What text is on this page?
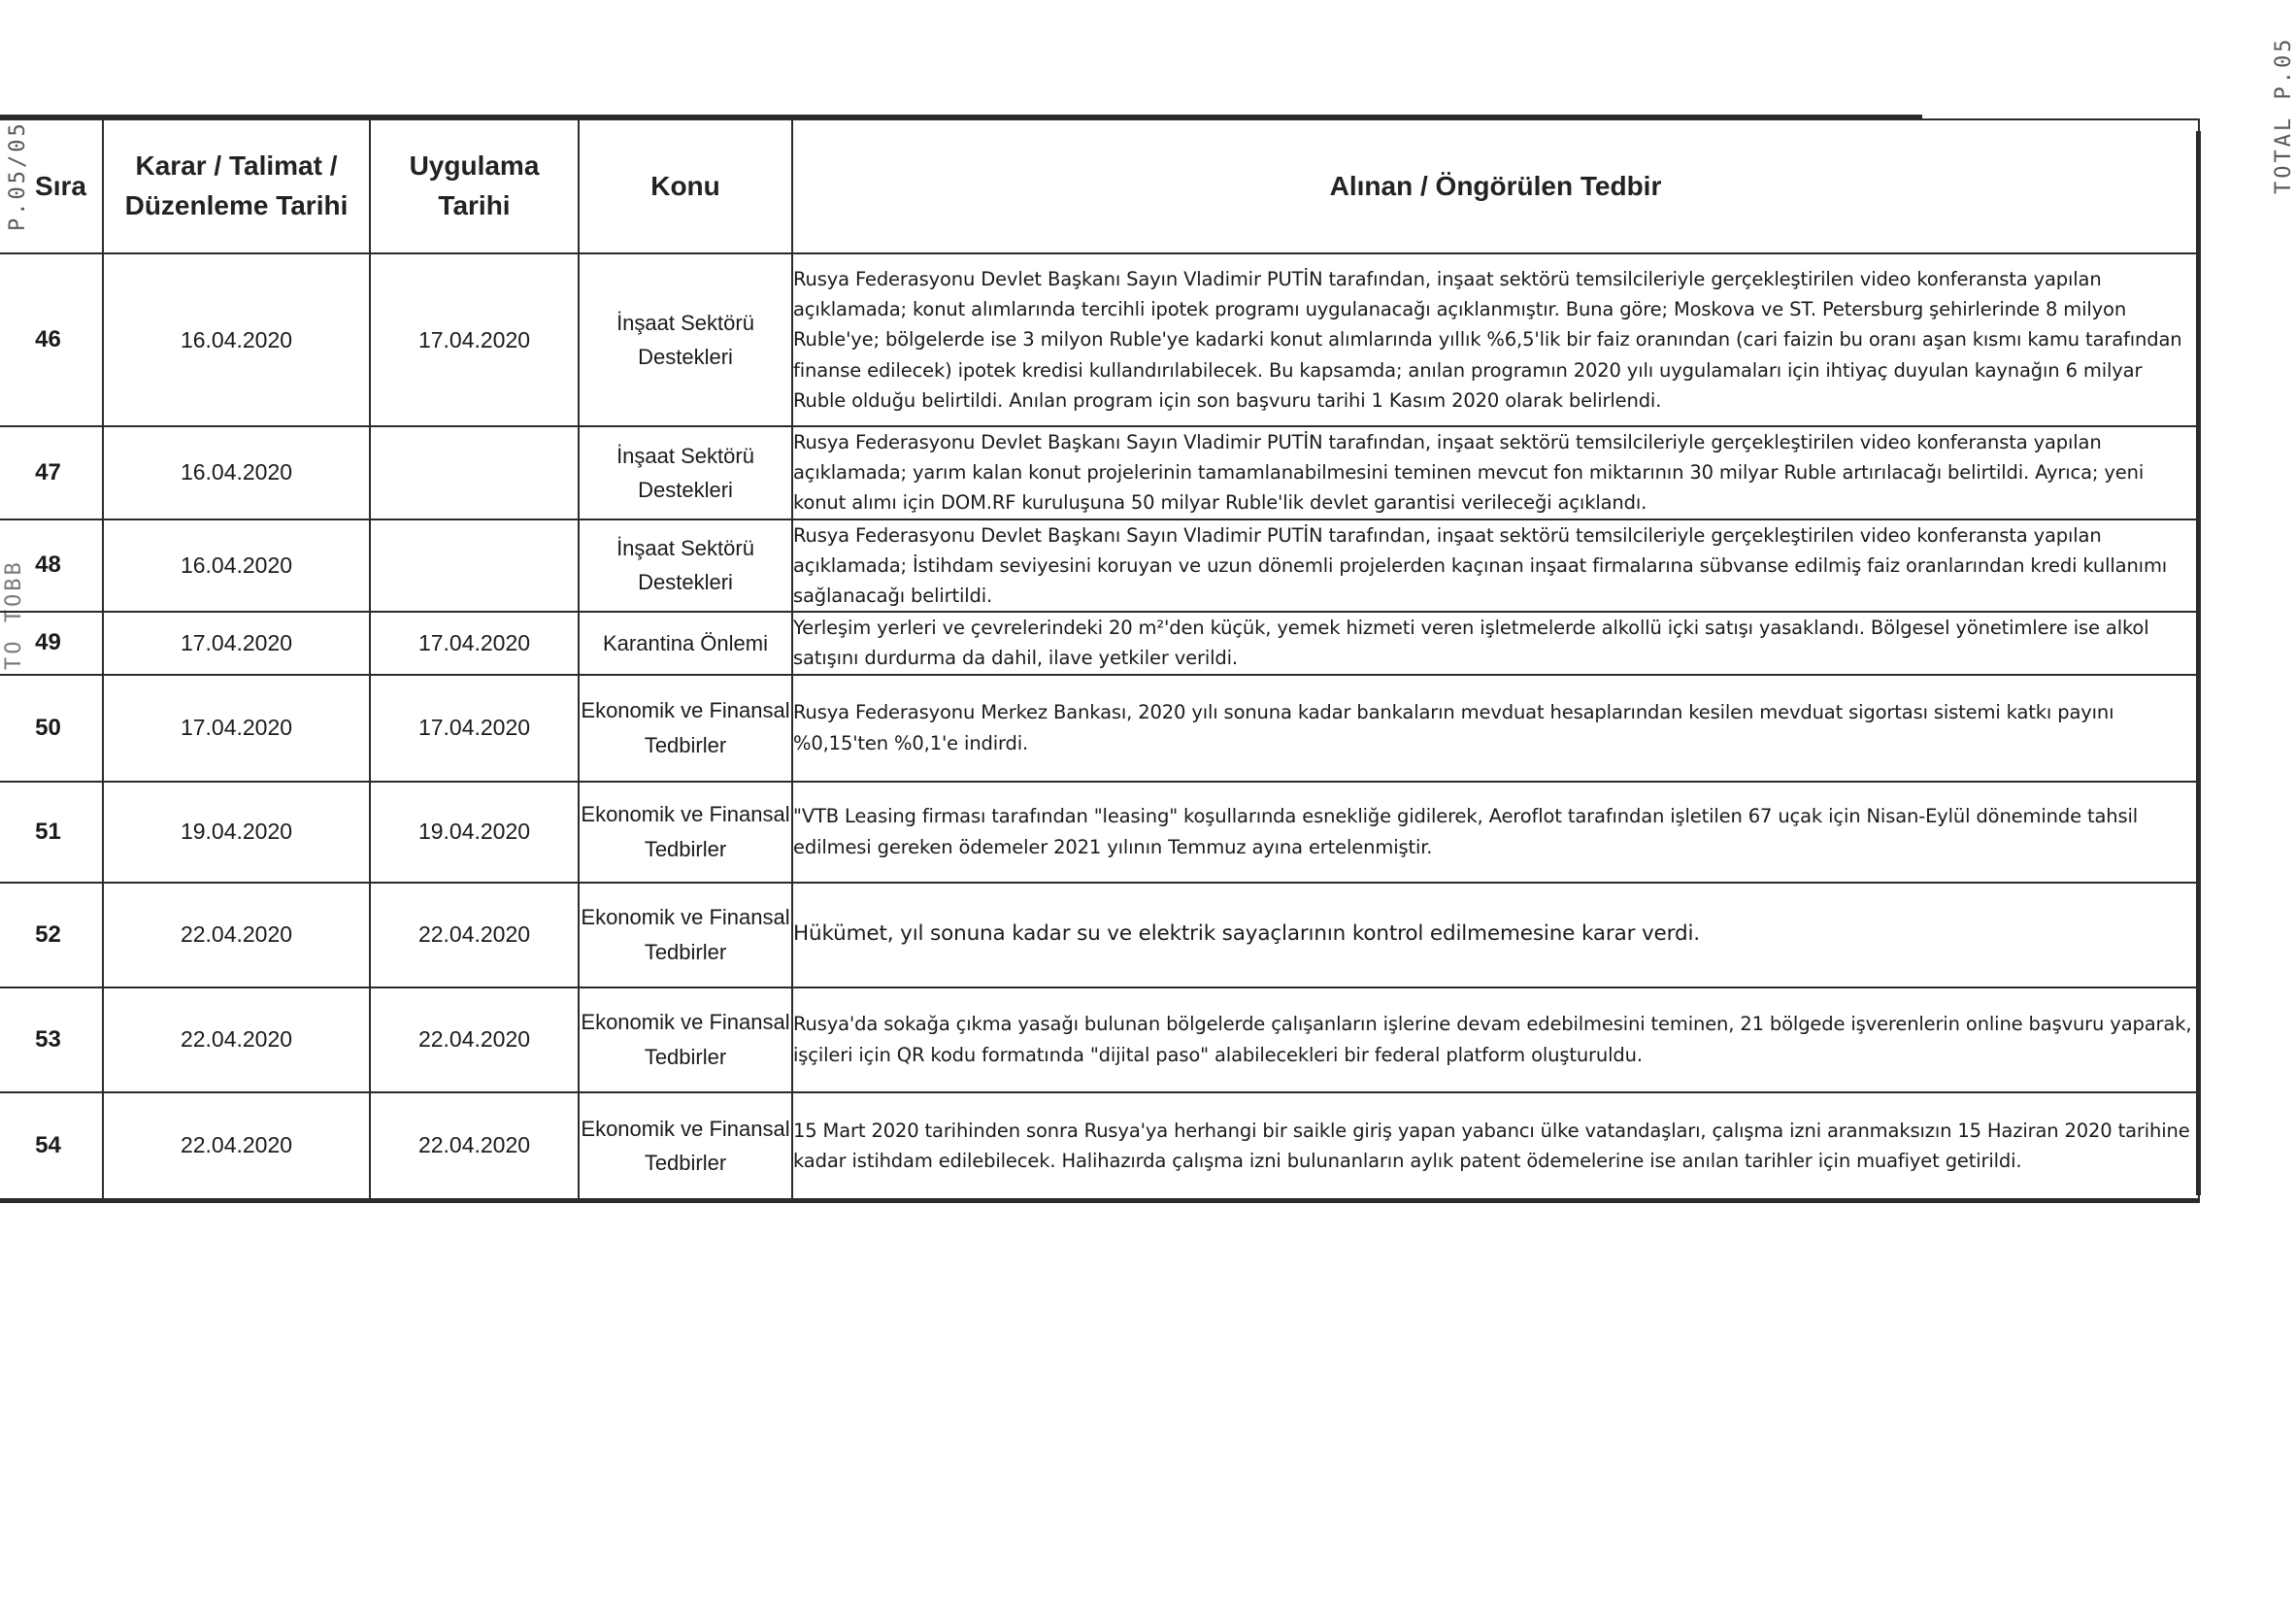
P.05/05
TO TOBB
TOTAL P.05
Sıra	Karar / Talimat / Düzenleme Tarihi	Uygulama Tarihi	Konu	Alınan / Öngörülen Tedbir
46	16.04.2020	17.04.2020	İnşaat Sektörü Destekleri	Rusya Federasyonu Devlet Başkanı Sayın Vladimir PUTİN tarafından, inşaat sektörü temsilcileriyle gerçekleştirilen video konferansta yapılan açıklamada; konut alımlarında tercihli ipotek programı uygulanacağı açıklanmıştır. Buna göre; Moskova ve ST. Petersburg şehirlerinde 8 milyon Ruble'ye; bölgelerde ise 3 milyon Ruble'ye kadarki konut alımlarında yıllık %6,5'lik bir faiz oranından (cari faizin bu oranı aşan kısmı kamu tarafından finanse edilecek) ipotek kredisi kullandırılabilecek. Bu kapsamda; anılan programın 2020 yılı uygulamaları için ihtiyaç duyulan kaynağın 6 milyar Ruble olduğu belirtildi. Anılan program için son başvuru tarihi 1 Kasım 2020 olarak belirlendi.
47	16.04.2020		İnşaat Sektörü Destekleri	Rusya Federasyonu Devlet Başkanı Sayın Vladimir PUTİN tarafından, inşaat sektörü temsilcileriyle gerçekleştirilen video konferansta yapılan açıklamada; yarım kalan konut projelerinin tamamlanabilmesini teminen mevcut fon miktarının 30 milyar Ruble artırılacağı belirtildi. Ayrıca; yeni konut alımı için DOM.RF kuruluşuna 50 milyar Ruble'lik devlet garantisi verileceği açıklandı.
48	16.04.2020		İnşaat Sektörü Destekleri	Rusya Federasyonu Devlet Başkanı Sayın Vladimir PUTİN tarafından, inşaat sektörü temsilcileriyle gerçekleştirilen video konferansta yapılan açıklamada; İstihdam seviyesini koruyan ve uzun dönemli projelerden kaçınan inşaat firmalarına sübvanse edilmiş faiz oranlarından kredi kullanımı sağlanacağı belirtildi.
49	17.04.2020	17.04.2020	Karantina Önlemi	Yerleşim yerleri ve çevrelerindeki 20 m²'den küçük, yemek hizmeti veren işletmelerde alkollü içki satışı yasaklandı. Bölgesel yönetimlere ise alkol satışını durdurma da dahil, ilave yetkiler verildi.
50	17.04.2020	17.04.2020	Ekonomik ve Finansal Tedbirler	Rusya Federasyonu Merkez Bankası, 2020 yılı sonuna kadar bankaların mevduat hesaplarından kesilen mevduat sigortası sistemi katkı payını %0,15'ten %0,1'e indirdi.
51	19.04.2020	19.04.2020	Ekonomik ve Finansal Tedbirler	"VTB Leasing firması tarafından "leasing" koşullarında esnekliğe gidilerek, Aeroflot tarafından işletilen 67 uçak için Nisan-Eylül döneminde tahsil edilmesi gereken ödemeler 2021 yılının Temmuz ayına ertelenmiştir.
52	22.04.2020	22.04.2020	Ekonomik ve Finansal Tedbirler	Hükümet, yıl sonuna kadar su ve elektrik sayaçlarının kontrol edilmemesine karar verdi.
53	22.04.2020	22.04.2020	Ekonomik ve Finansal Tedbirler	Rusya'da sokağa çıkma yasağı bulunan bölgelerde çalışanların işlerine devam edebilmesini teminen, 21 bölgede işverenlerin online başvuru yaparak, işçileri için QR kodu formatında "dijital paso" alabilecekleri bir federal platform oluşturuldu.
54	22.04.2020	22.04.2020	Ekonomik ve Finansal Tedbirler	15 Mart 2020 tarihinden sonra Rusya'ya herhangi bir saikle giriş yapan yabancı ülke vatandaşları, çalışma izni aranmaksızın 15 Haziran 2020 tarihine kadar istihdam edilebilecek. Halihazırda çalışma izni bulunanların aylık patent ödemelerine ise anılan tarihler için muafiyet getirildi.
